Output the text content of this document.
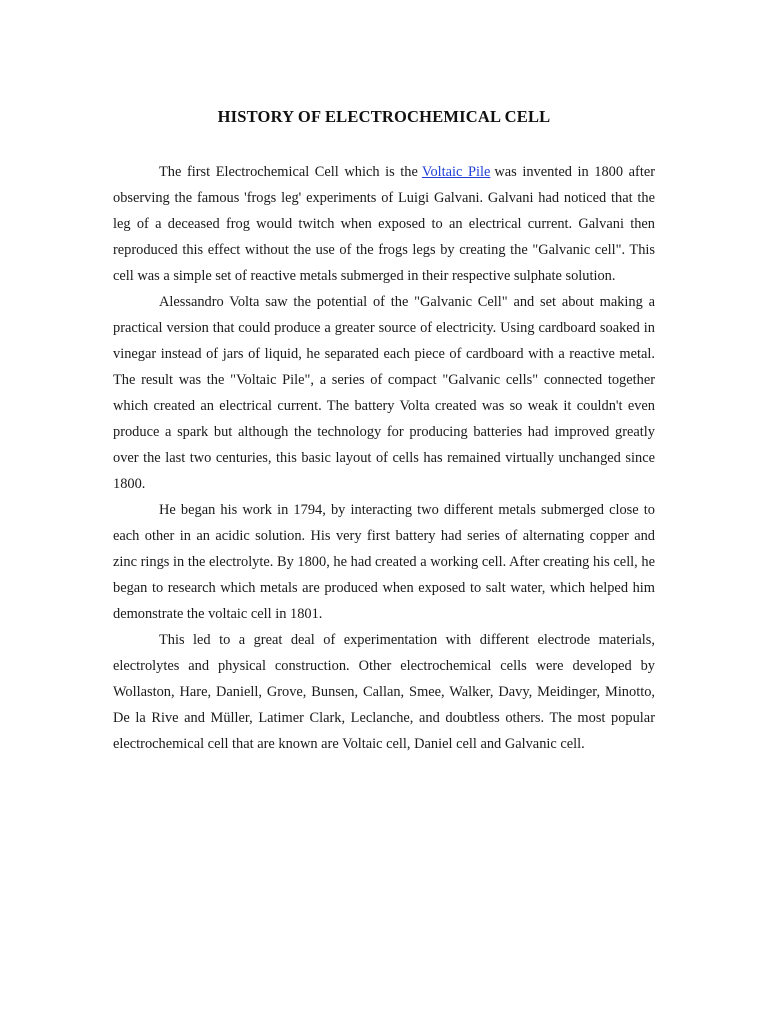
HISTORY OF ELECTROCHEMICAL CELL

The first Electrochemical Cell which is the Voltaic Pile was invented in 1800 after observing the famous 'frogs leg' experiments of Luigi Galvani. Galvani had noticed that the leg of a deceased frog would twitch when exposed to an electrical current. Galvani then reproduced this effect without the use of the frogs legs by creating the "Galvanic cell". This cell was a simple set of reactive metals submerged in their respective sulphate solution.

Alessandro Volta saw the potential of the "Galvanic Cell" and set about making a practical version that could produce a greater source of electricity. Using cardboard soaked in vinegar instead of jars of liquid, he separated each piece of cardboard with a reactive metal. The result was the "Voltaic Pile", a series of compact "Galvanic cells" connected together which created an electrical current. The battery Volta created was so weak it couldn't even produce a spark but although the technology for producing batteries had improved greatly over the last two centuries, this basic layout of cells has remained virtually unchanged since 1800.

He began his work in 1794, by interacting two different metals submerged close to each other in an acidic solution. His very first battery had series of alternating copper and zinc rings in the electrolyte. By 1800, he had created a working cell. After creating his cell, he began to research which metals are produced when exposed to salt water, which helped him demonstrate the voltaic cell in 1801.

This led to a great deal of experimentation with different electrode materials, electrolytes and physical construction. Other electrochemical cells were developed by Wollaston, Hare, Daniell, Grove, Bunsen, Callan, Smee, Walker, Davy, Meidinger, Minotto, De la Rive and Müller, Latimer Clark, Leclanche, and doubtless others. The most popular electrochemical cell that are known are Voltaic cell, Daniel cell and Galvanic cell.
